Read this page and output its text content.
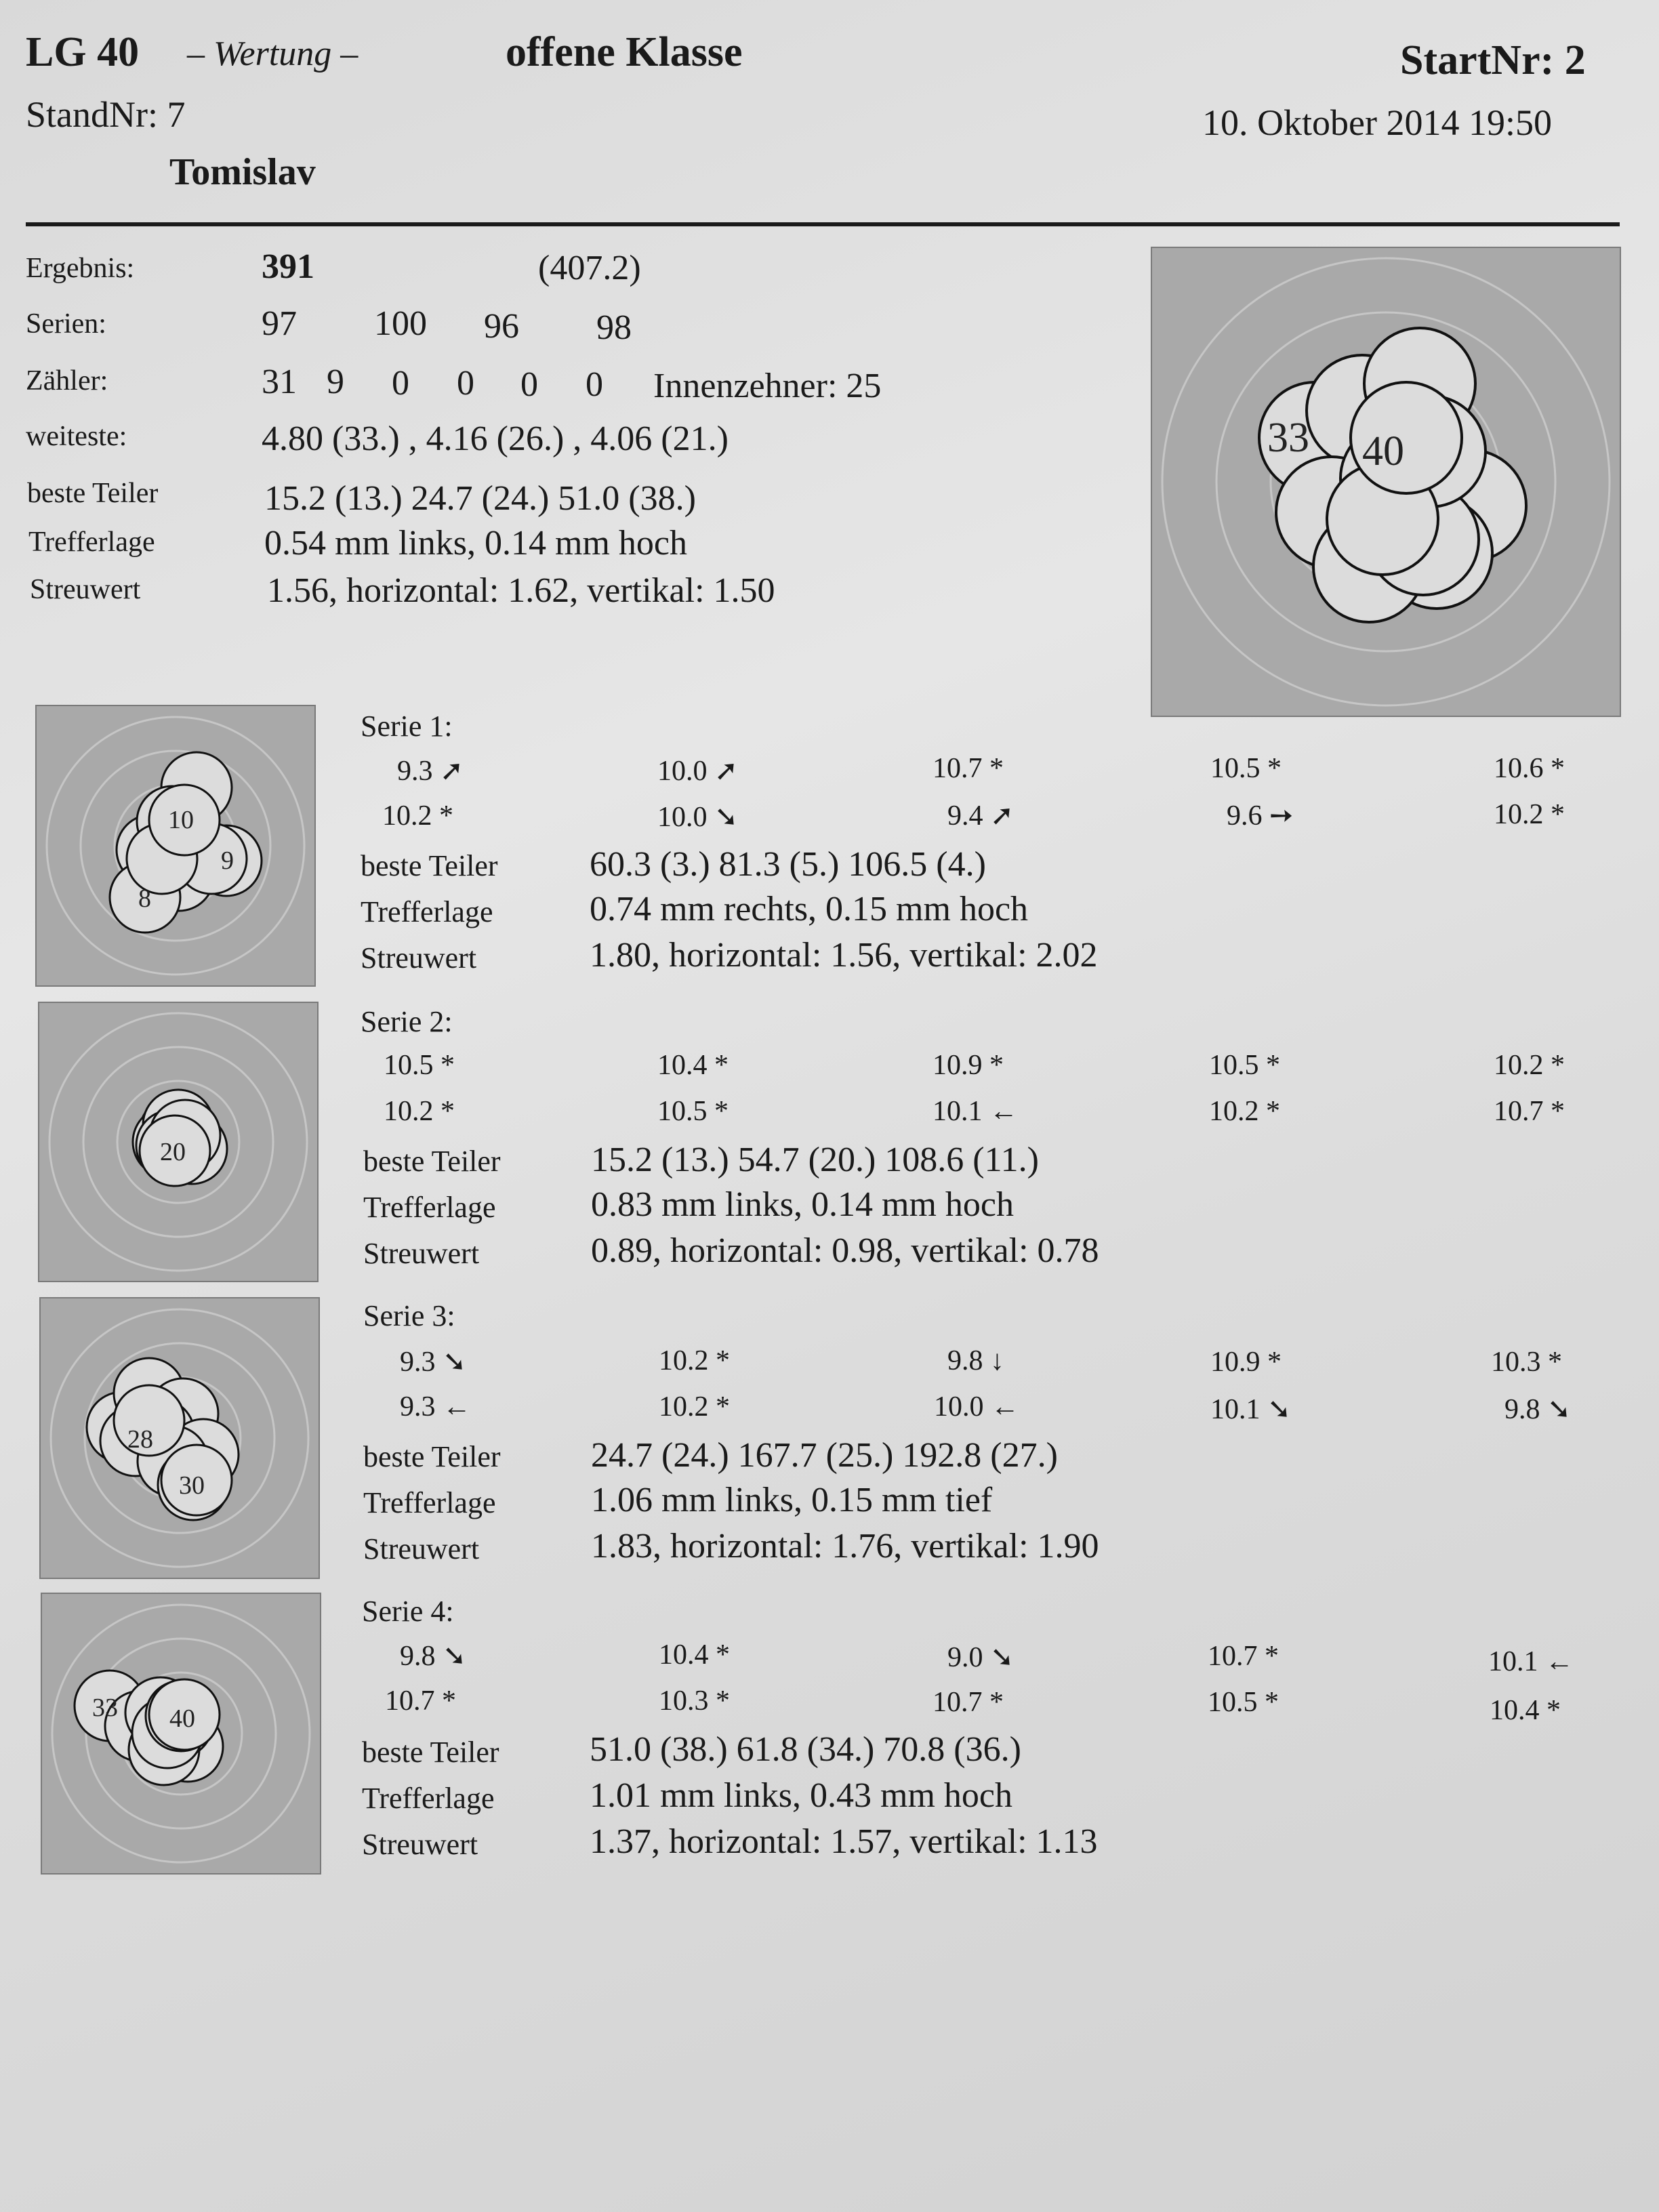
LG 40 – Wertung –	offene Klasse	StartNr: 2
StandNr: 7	10. Oktober 2014 19:50
Tomislav
Ergebnis:	391	(407.2)
Serien:	97 100 96 98
Zähler:	31 9 0 0 0 0 Innenzehner: 25
weiteste:	4.80 (33.) , 4.16 (26.) , 4.06 (21.)
beste Teiler	15.2 (13.) 24.7 (24.) 51.0 (38.)
Trefferlage	0.54 mm links, 0.14 mm hoch
Streuwert	1.56, horizontal: 1.62, vertikal: 1.50
33 40
10
9
8
Serie 1:
9.3 ➚	10.0 ➚	10.7 *	10.5 *	10.6 *
10.2 *	10.0 ➘	9.4 ➚	9.6 ➙	10.2 *
beste Teiler	60.3 (3.) 81.3 (5.) 106.5 (4.)
Trefferlage	0.74 mm rechts, 0.15 mm hoch
Streuwert	1.80, horizontal: 1.56, vertikal: 2.02
20
Serie 2:
10.5 *	10.4 *	10.9 *	10.5 *	10.2 *
10.2 *	10.5 *	10.1 ←	10.2 *	10.7 *
beste Teiler	15.2 (13.) 54.7 (20.) 108.6 (11.)
Trefferlage	0.83 mm links, 0.14 mm hoch
Streuwert	0.89, horizontal: 0.98, vertikal: 0.78
28
30
Serie 3:
9.3 ➘	10.2 *	9.8 ↓	10.9 *	10.3 *
9.3 ←	10.2 *	10.0 ←	10.1 ➘	9.8 ➘
beste Teiler	24.7 (24.) 167.7 (25.) 192.8 (27.)
Trefferlage	1.06 mm links, 0.15 mm tief
Streuwert	1.83, horizontal: 1.76, vertikal: 1.90
33 40
Serie 4:
9.8 ➘	10.4 *	9.0 ➘	10.7 *	10.1 ←
10.7 *	10.3 *	10.7 *	10.5 *	10.4 *
beste Teiler	51.0 (38.) 61.8 (34.) 70.8 (36.)
Trefferlage	1.01 mm links, 0.43 mm hoch
Streuwert	1.37, horizontal: 1.57, vertikal: 1.13
